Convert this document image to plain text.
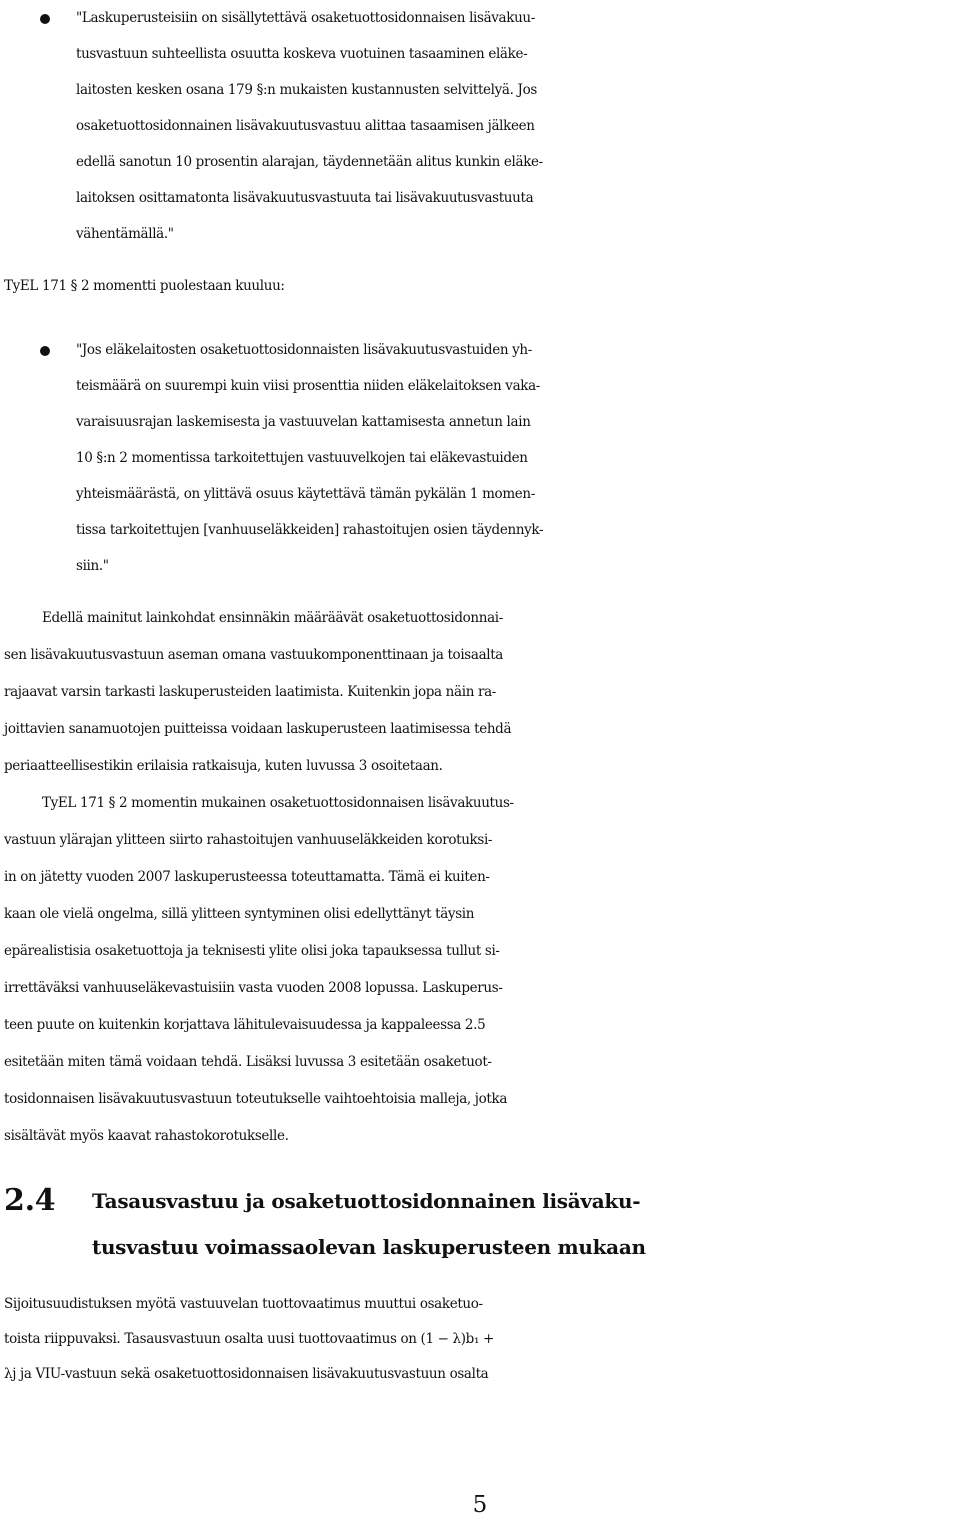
"Laskuperusteisiin on sisällytettävä osaketuottosidonnaisen lisävakuu-
tusvastuun suhteellista osuutta koskeva vuotuinen tasaaminen eläke-
laitosten kesken osana 179 §:n mukaisten kustannusten selvittelyä. Jos
osaketuottosidonnainen lisävakuutusvastuu alittaa tasaamisen jälkeen
edellä sanotun 10 prosentin alarajan, täydennetään alitus kunkin eläke-
laitoksen osittamatonta lisävakuutusvastuuta tai lisävakuutusvastuuta
vähentämällä."
TyEL 171 § 2 momentti puolestaan kuuluu:
"Jos eläkelaitosten osaketuottosidonnaisten lisävakuutusvastuiden yh-
teismäärä on suurempi kuin viisi prosenttia niiden eläkelaitoksen vaka-
varaisuusrajan laskemisesta ja vastuuvelan kattamisesta annetun lain
10 §:n 2 momentissa tarkoitettujen vastuuvelkojen tai eläkevastuiden
yhteismäärästä, on ylittävä osuus käytettävä tämän pykälän 1 momen-
tissa tarkoitettujen [vanhuuseläkkeiden] rahastoitujen osien täydennyk-
siin."
Edellä mainitut lainkohdat ensinnäkin määräävät osaketuottosidonnai-
sen lisävakuutusvastuun aseman omana vastuukomponenttinaan ja toisaalta
rajaavat varsin tarkasti laskuperusteiden laatimista. Kuitenkin jopa näin ra-
joittavien sanamuotojen puitteissa voidaan laskuperusteen laatimisessa tehdä
periaatteellisestikin erilaisia ratkaisuja, kuten luvussa 3 osoitetaan.
TyEL 171 § 2 momentin mukainen osaketuottosidonnaisen lisävakuutus-
vastuun ylärajan ylitteen siirto rahastoitujen vanhuuseläkkeiden korotuksi-
in on jätetty vuoden 2007 laskuperusteessa toteuttamatta. Tämä ei kuiten-
kaan ole vielä ongelma, sillä ylitteen syntyminen olisi edellyttänyt täysin
epärealistisia osaketuottoja ja teknisesti ylite olisi joka tapauksessa tullut si-
irrettäväksi vanhuuseläkevastuisiin vasta vuoden 2008 lopussa. Laskuperus-
teen puute on kuitenkin korjattava lähitulevaisuudessa ja kappaleessa 2.5
esitetään miten tämä voidaan tehdä. Lisäksi luvussa 3 esitetään osaketuot-
tosidonnaisen lisävakuutusvastuun toteutukselle vaihtoehtoisia malleja, jotka
sisältävät myös kaavat rahastokorotukselle.
2.4	Tasausvastuu ja osaketuottosidonnainen lisävaku-
tusvastuu voimassaolevan laskuperusteen mukaan
Sijoitusuudistuksen myötä vastuuvelan tuottovaatimus muuttui osaketuo-
toista riippuvaksi. Tasausvastuun osalta uusi tuottovaatimus on (1 − λ)b₁ +
λj ja VIU-vastuun sekä osaketuottosidonnaisen lisävakuutusvastuun osalta
5
